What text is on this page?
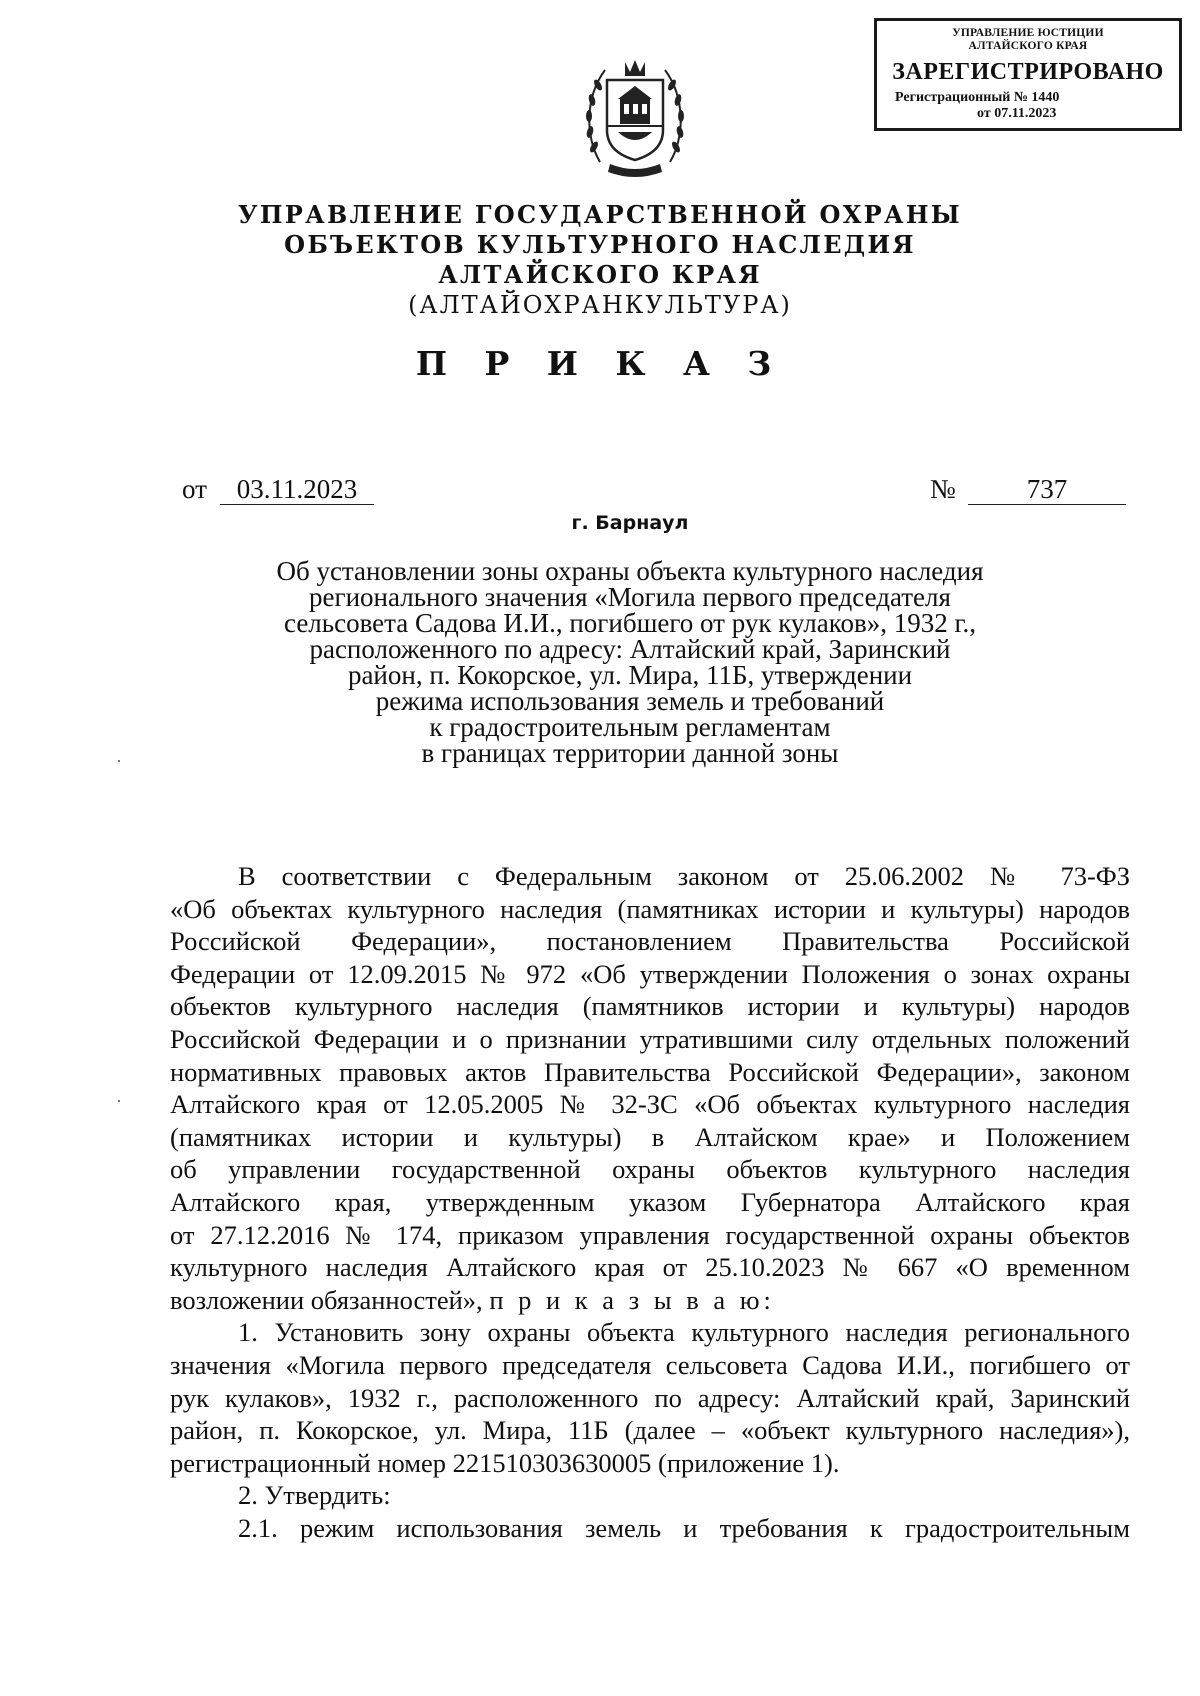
УПРАВЛЕНИЕ ЮСТИЦИИ
АЛТАЙСКОГО КРАЯ
ЗАРЕГИСТРИРОВАНО
Регистрационный № 1440
от 07.11.2023
УПРАВЛЕНИЕ ГОСУДАРСТВЕННОЙ ОХРАНЫ
ОБЪЕКТОВ КУЛЬТУРНОГО НАСЛЕДИЯ
АЛТАЙСКОГО КРАЯ
(АЛТАЙОХРАНКУЛЬТУРА)
П Р И К А З
от	03.11.2023	№	737
г. Барнаул
Об установлении зоны охраны объекта культурного наследия
регионального значения «Могила первого председателя
сельсовета Садова И.И., погибшего от рук кулаков», 1932 г.,
расположенного по адресу: Алтайский край, Заринский
район, п. Кокорское, ул. Мира, 11Б, утверждении
режима использования земель и требований
к градостроительным регламентам
в границах территории данной зоны
В соответствии с Федеральным законом от 25.06.2002 № 73-ФЗ
«Об объектах культурного наследия (памятниках истории и культуры) народов
Российской Федерации», постановлением Правительства Российской
Федерации от 12.09.2015 № 972 «Об утверждении Положения о зонах охраны
объектов культурного наследия (памятников истории и культуры) народов
Российской Федерации и о признании утратившими силу отдельных положений
нормативных правовых актов Правительства Российской Федерации», законом
Алтайского края от 12.05.2005 № 32-ЗС «Об объектах культурного наследия
(памятниках истории и культуры) в Алтайском крае» и Положением
об управлении государственной охраны объектов культурного наследия
Алтайского края, утвержденным указом Губернатора Алтайского края
от 27.12.2016 № 174, приказом управления государственной охраны объектов
культурного наследия Алтайского края от 25.10.2023 № 667 «О временном
возложении обязанностей», п р и к а з ы в а ю:
1. Установить зону охраны объекта культурного наследия регионального
значения «Могила первого председателя сельсовета Садова И.И., погибшего от
рук кулаков», 1932 г., расположенного по адресу: Алтайский край, Заринский
район, п. Кокорское, ул. Мира, 11Б (далее – «объект культурного наследия»),
регистрационный номер 221510303630005 (приложение 1).
2. Утвердить:
2.1. режим использования земель и требования к градостроительным
